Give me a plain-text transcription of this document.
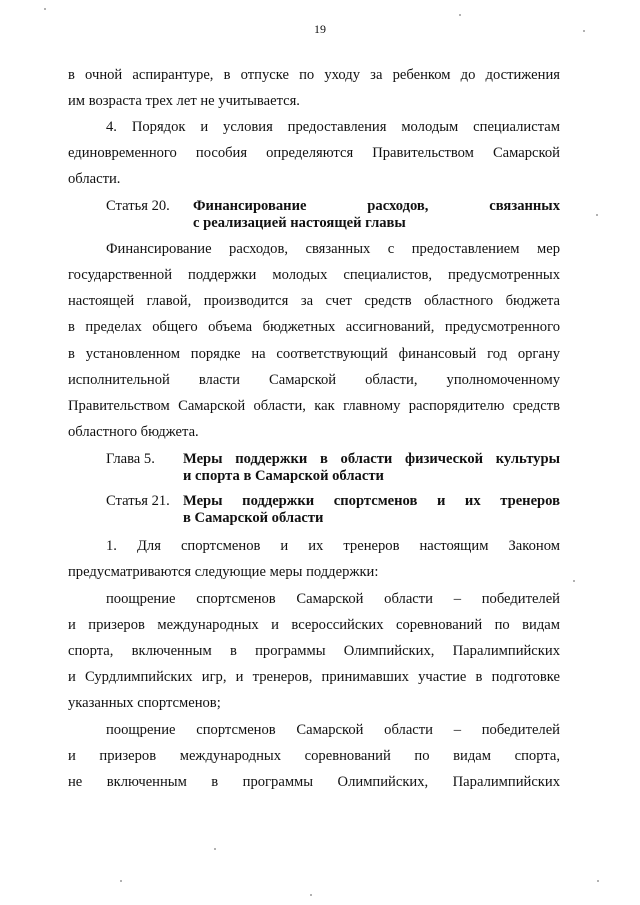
19
в очной аспирантуре, в отпуске по уходу за ребенком до достижения
им возраста трех лет не учитывается.
4. Порядок и условия предоставления молодым специалистам
единовременного пособия определяются Правительством Самарской
области.
Статья 20. Финансирование расходов, связанных
с реализацией настоящей главы
Финансирование расходов, связанных с предоставлением мер
государственной поддержки молодых специалистов, предусмотренных
настоящей главой, производится за счет средств областного бюджета
в пределах общего объема бюджетных ассигнований, предусмотренного
в установленном порядке на соответствующий финансовый год органу
исполнительной власти Самарской области, уполномоченному
Правительством Самарской области, как главному распорядителю средств
областного бюджета.
Глава 5. Меры поддержки в области физической культуры
и спорта в Самарской области
Статья 21. Меры поддержки спортсменов и их тренеров
в Самарской области
1. Для спортсменов и их тренеров настоящим Законом
предусматриваются следующие меры поддержки:
поощрение спортсменов Самарской области – победителей
и призеров международных и всероссийских соревнований по видам
спорта, включенным в программы Олимпийских, Паралимпийских
и Сурдлимпийских игр, и тренеров, принимавших участие в подготовке
указанных спортсменов;
поощрение спортсменов Самарской области – победителей
и призеров международных соревнований по видам спорта,
не включенным в программы Олимпийских, Паралимпийских
